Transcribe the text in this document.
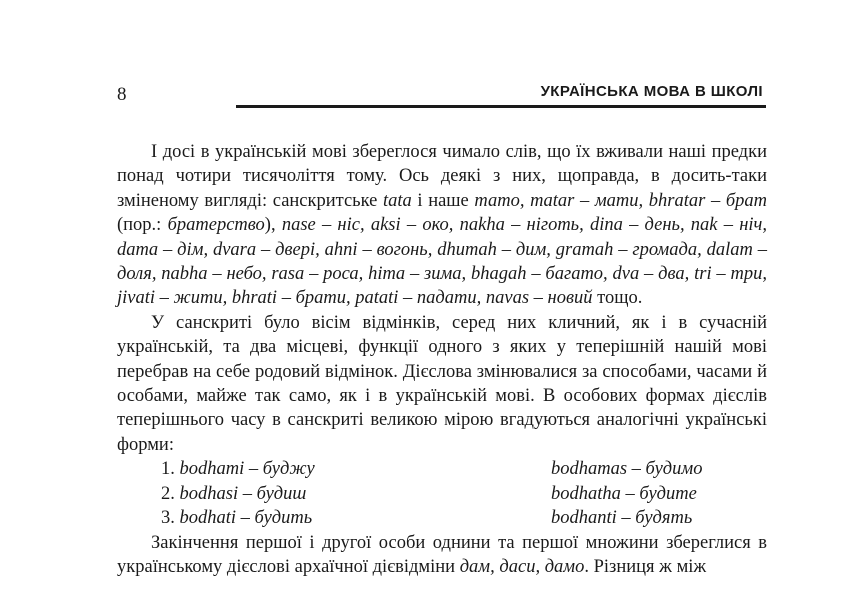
8	УКРАЇНСЬКА МОВА В ШКОЛІ

І досі в українській мові збереглося чимало слів, що їх вживали наші предки понад чотири тисячоліття тому. Ось деякі з них, щоправда, в досить-таки зміненому вигляді: санскритське tata і наше тато, matar – мати, bhratar – брат (пор.: братерство), nase – ніс, aksi – око, nakha – ніготь, dina – день, nak – ніч, dama – дім, dvara – двері, ahni – вогонь, dhumah – дим, gramah – громада, dalam – доля, nabha – небо, rasa – роса, hima – зима, bhagah – багато, dva – два, tri – три, jivati – жити, bhrati – брати, patati – падати, navas – новий тощо.

У санскриті було вісім відмінків, серед них кличний, як і в сучасній українській, та два місцеві, функції одного з яких у теперішній нашій мові перебрав на себе родовий відмінок. Дієслова змінювалися за способами, часами й особами, майже так само, як і в українській мові. В особових формах дієслів теперішнього часу в санскриті великою мірою вгадуються аналогічні українські форми:

1. bodhami – буджу	bodhamas – будимо
2. bodhasi – будиш	bodhatha – будите
3. bodhati – будить	bodhanti – будять

Закінчення першої і другої особи однини та першої множини збереглися в українському дієслові архаїчної дієвідміни дам, даси, дамо. Різниця ж між
